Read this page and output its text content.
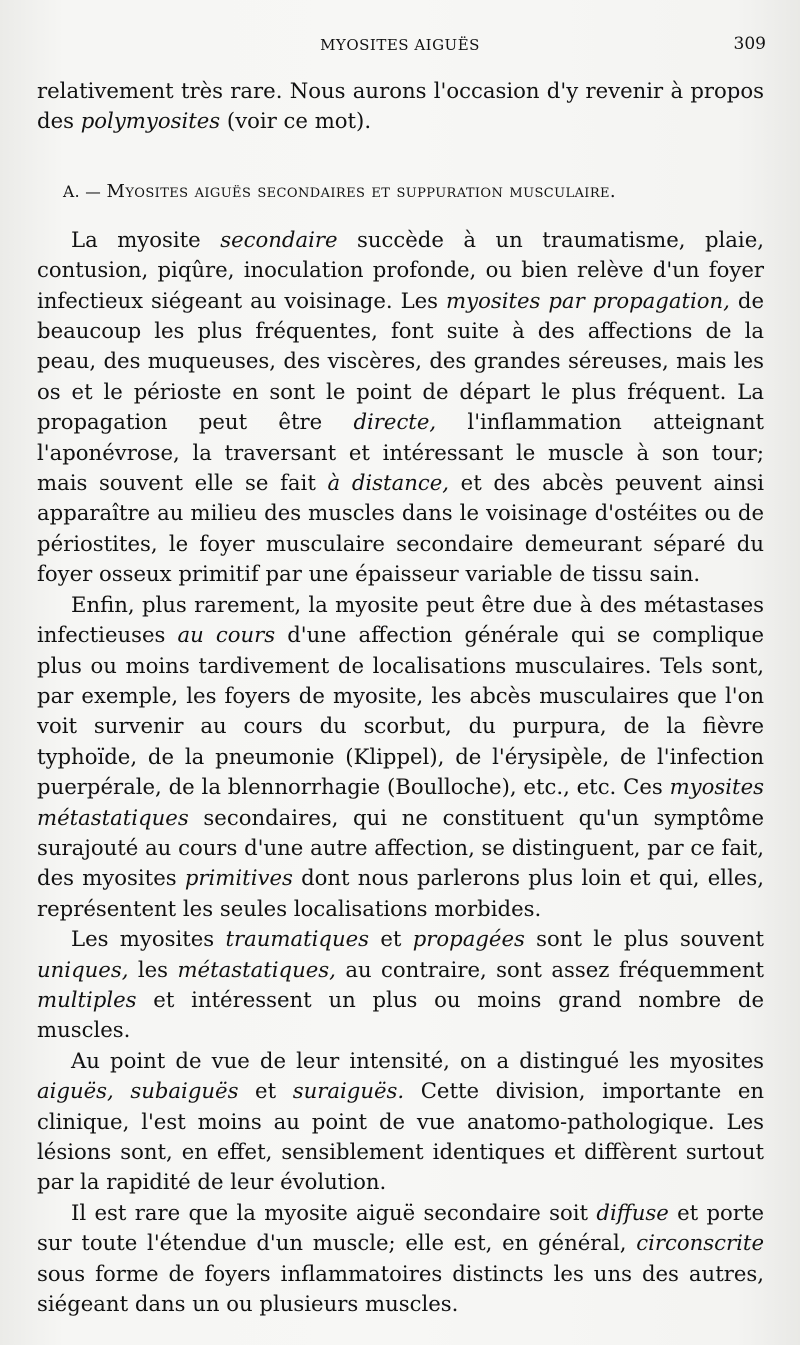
MYOSITES AIGUËS	309

relativement très rare. Nous aurons l'occasion d'y revenir à propos des polymyosites (voir ce mot).

A. — Myosites aiguës secondaires et suppuration musculaire.

La myosite secondaire succède à un traumatisme, plaie, contusion, piqûre, inoculation profonde, ou bien relève d'un foyer infectieux siégeant au voisinage. Les myosites par propagation, de beaucoup les plus fréquentes, font suite à des affections de la peau, des muqueuses, des viscères, des grandes séreuses, mais les os et le périoste en sont le point de départ le plus fréquent. La propagation peut être directe, l'inflammation atteignant l'aponévrose, la traversant et intéressant le muscle à son tour; mais souvent elle se fait à distance, et des abcès peuvent ainsi apparaître au milieu des muscles dans le voisinage d'ostéites ou de périostites, le foyer musculaire secondaire demeurant séparé du foyer osseux primitif par une épaisseur variable de tissu sain.

Enfin, plus rarement, la myosite peut être due à des métastases infectieuses au cours d'une affection générale qui se complique plus ou moins tardivement de localisations musculaires. Tels sont, par exemple, les foyers de myosite, les abcès musculaires que l'on voit survenir au cours du scorbut, du purpura, de la fièvre typhoïde, de la pneumonie (Klippel), de l'érysipèle, de l'infection puerpérale, de la blennorrhagie (Boulloche), etc., etc. Ces myosites métastatiques secondaires, qui ne constituent qu'un symptôme surajouté au cours d'une autre affection, se distinguent, par ce fait, des myosites primitives dont nous parlerons plus loin et qui, elles, représentent les seules localisations morbides.

Les myosites traumatiques et propagées sont le plus souvent uniques, les métastatiques, au contraire, sont assez fréquemment multiples et intéressent un plus ou moins grand nombre de muscles.

Au point de vue de leur intensité, on a distingué les myosites aiguës, subaiguës et suraiguës. Cette division, importante en clinique, l'est moins au point de vue anatomo-pathologique. Les lésions sont, en effet, sensiblement identiques et diffèrent surtout par la rapidité de leur évolution.

Il est rare que la myosite aiguë secondaire soit diffuse et porte sur toute l'étendue d'un muscle; elle est, en général, circonscrite sous forme de foyers inflammatoires distincts les uns des autres, siégeant dans un ou plusieurs muscles.
